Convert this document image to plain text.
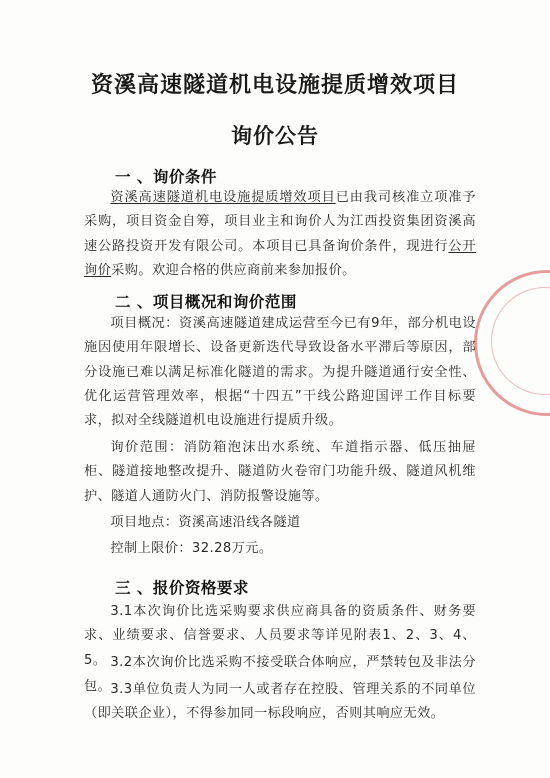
资溪高速隧道机电设施提质增效项目
询价公告
一 、询价条件
资溪高速隧道机电设施提质增效项目已由我司核准立项准予采购，项目资金自筹，项目业主和询价人为江西投资集团资溪高速公路投资开发有限公司。本项目已具备询价条件，现进行公开询价采购。欢迎合格的供应商前来参加报价。
二 、项目概况和询价范围
项目概况：资溪高速隧道建成运营至今已有9年，部分机电设施因使用年限增长、设备更新迭代导致设备水平滞后等原因，部分设施已难以满足标准化隧道的需求。为提升隧道通行安全性、优化运营管理效率，根据“十四五”干线公路迎国评工作目标要求，拟对全线隧道机电设施进行提质升级。
询价范围：消防箱泡沫出水系统、车道指示器、低压抽屉柜、隧道接地整改提升、隧道防火卷帘门功能升级、隧道风机维护、隧道人通防火门、消防报警设施等。
项目地点：资溪高速沿线各隧道
控制上限价：32.28万元。
三 、报价资格要求
3.1本次询价比选采购要求供应商具备的资质条件、财务要求、业绩要求、信誉要求、人员要求等详见附表1、2、3、4、5。 3.2本次询价比选采购不接受联合体响应，严禁转包及非法分包。 3.3单位负责人为同一人或者存在控股、管理关系的不同单位（即关联企业），不得参加同一标段响应，否则其响应无效。
